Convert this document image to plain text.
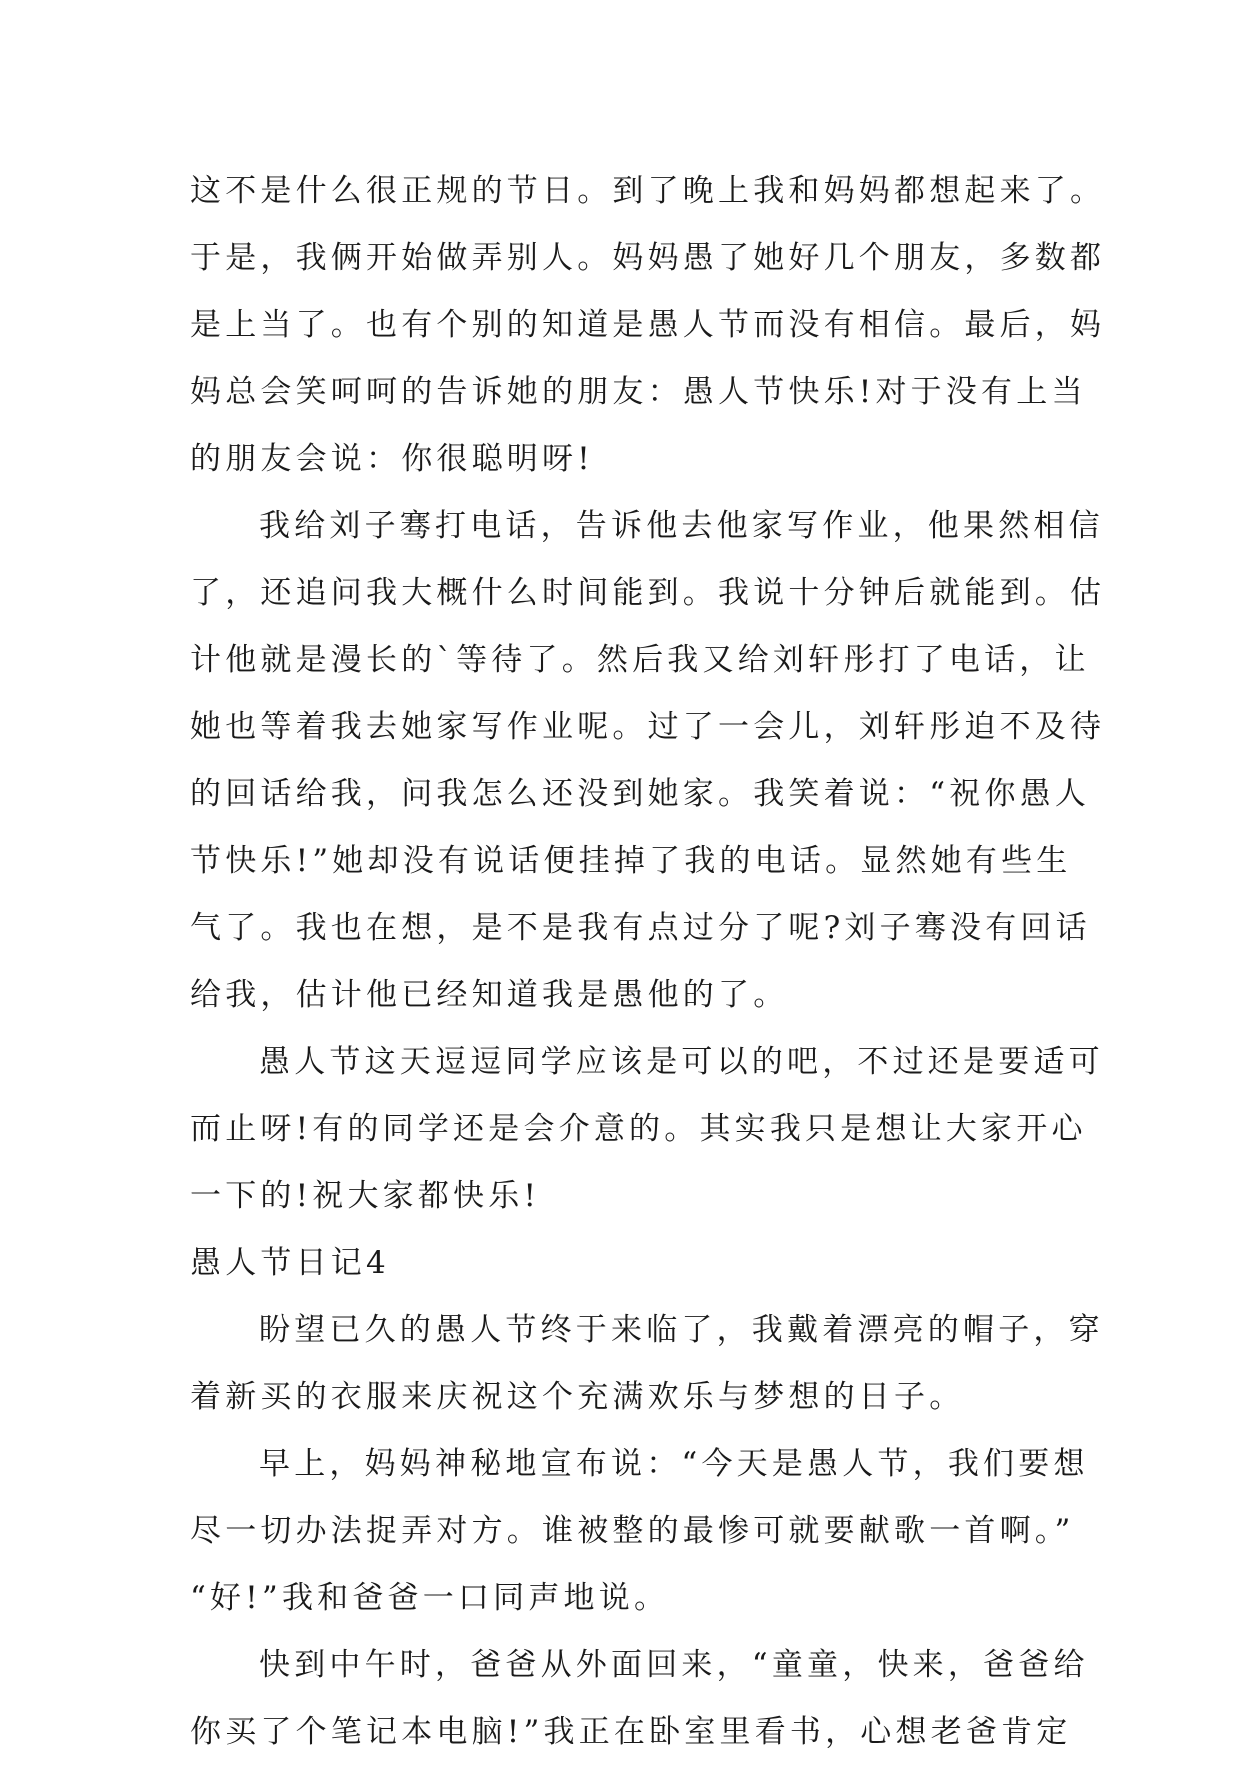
这不是什么很正规的节日。到了晚上我和妈妈都想起来了。
于是，我俩开始做弄别人。妈妈愚了她好几个朋友，多数都
是上当了。也有个别的知道是愚人节而没有相信。最后，妈
妈总会笑呵呵的告诉她的朋友：愚人节快乐!对于没有上当
的朋友会说：你很聪明呀!
我给刘子骞打电话，告诉他去他家写作业，他果然相信
了，还追问我大概什么时间能到。我说十分钟后就能到。估
计他就是漫长的`等待了。然后我又给刘轩彤打了电话，让
她也等着我去她家写作业呢。过了一会儿，刘轩彤迫不及待
的回话给我，问我怎么还没到她家。我笑着说：“祝你愚人
节快乐!”她却没有说话便挂掉了我的电话。显然她有些生
气了。我也在想，是不是我有点过分了呢?刘子骞没有回话
给我，估计他已经知道我是愚他的了。
愚人节这天逗逗同学应该是可以的吧，不过还是要适可
而止呀!有的同学还是会介意的。其实我只是想让大家开心
一下的!祝大家都快乐!
愚人节日记4
盼望已久的愚人节终于来临了，我戴着漂亮的帽子，穿
着新买的衣服来庆祝这个充满欢乐与梦想的日子。
早上，妈妈神秘地宣布说：“今天是愚人节，我们要想
尽一切办法捉弄对方。谁被整的最惨可就要献歌一首啊。”
“好!”我和爸爸一口同声地说。
快到中午时，爸爸从外面回来，“童童，快来，爸爸给
你买了个笔记本电脑!”我正在卧室里看书，心想老爸肯定
